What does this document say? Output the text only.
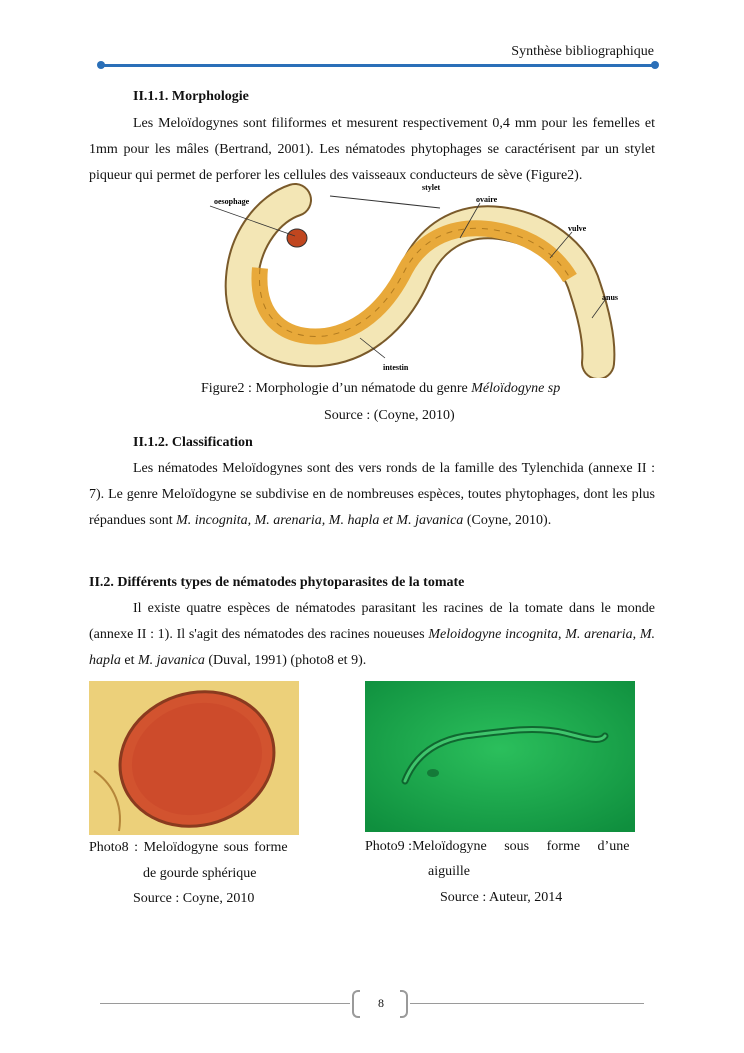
Synthèse bibliographique
II.1.1. Morphologie
Les Meloïdogynes sont filiformes et mesurent respectivement 0,4 mm pour les femelles et 1mm pour les mâles (Bertrand, 2001). Les nématodes phytophages se caractérisent par un stylet piqueur qui permet de perforer les cellules des vaisseaux conducteurs de sève (Figure2).
stylet
oesophage	ovaire
vulve
anus
intestin
Figure2 : Morphologie d’un nématode du genre Méloïdogyne sp
Source : (Coyne, 2010)
II.1.2. Classification
Les nématodes Meloïdogynes sont des vers ronds de la famille des Tylenchida (annexe II : 7). Le genre Meloïdogyne se subdivise en de nombreuses espèces, toutes phytophages, dont les plus répandues sont M. incognita, M. arenaria, M. hapla et M. javanica (Coyne, 2010).
II.2. Différents types de nématodes phytoparasites de la tomate
Il existe quatre espèces de nématodes parasitant les racines de la tomate dans le monde (annexe II : 1). Il s'agit des nématodes des racines noueuses Meloidogyne incognita, M. arenaria, M. hapla et M. javanica (Duval, 1991) (photo8 et 9).
Photo8 : Meloïdogyne sous forme
de gourde sphérique
Source : Coyne, 2010
Photo9 :Meloïdogyne     sous     forme     d’une
aiguille
Source : Auteur, 2014
8
